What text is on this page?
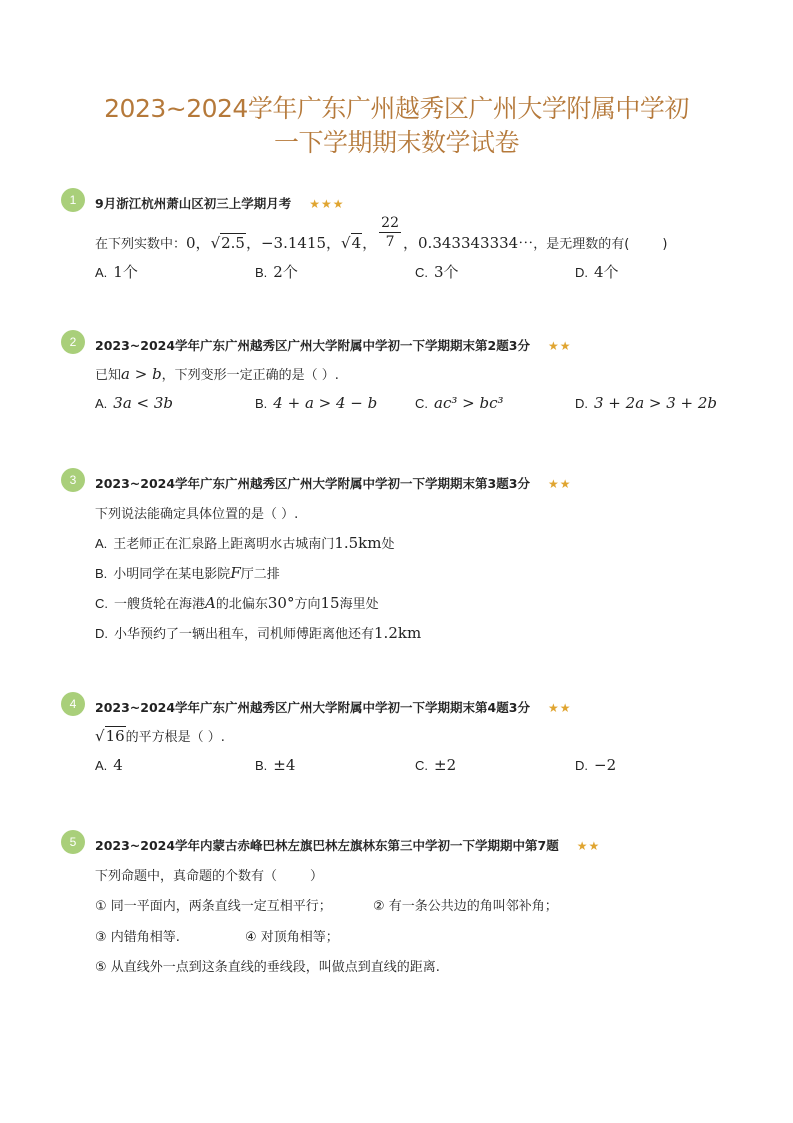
2023~2024学年广东广州越秀区广州大学附属中学初
一下学期期末数学试卷
1	9月浙江杭州萧山区初三上学期月考 ★★★
在下列实数中：0，√2.5，−3.1415，√4， $\frac{22}{7}$ ，0.343343334⋯，是无理数的有(        )
A. 1个	B. 2个	C. 3个	D. 4个
2	2023~2024学年广东广州越秀区广州大学附属中学初一下学期期末第2题3分 ★★
已知a > b，下列变形一定正确的是（ ）.
A. 3a < 3b	B. 4 + a > 4 − b	C. ac³ > bc³	D. 3 + 2a > 3 + 2b
3	2023~2024学年广东广州越秀区广州大学附属中学初一下学期期末第3题3分 ★★
下列说法能确定具体位置的是（ ）.
A. 王老师正在汇泉路上距离明水古城南门1.5km处
B. 小明同学在某电影院F厅二排
C. 一艘货轮在海港A的北偏东30°方向15海里处
D. 小华预约了一辆出租车，司机师傅距离他还有1.2km
4	2023~2024学年广东广州越秀区广州大学附属中学初一下学期期末第4题3分 ★★
√16的平方根是（ ）.
A. 4	B. ±4	C. ±2	D. −2
5	2023~2024学年内蒙古赤峰巴林左旗巴林左旗林东第三中学初一下学期期中第7题 ★★
下列命题中，真命题的个数有（        ）
① 同一平面内，两条直线一定互相平行；	② 有一条公共边的角叫邻补角；
③ 内错角相等.	④ 对顶角相等；
⑤ 从直线外一点到这条直线的垂线段，叫做点到直线的距离.
